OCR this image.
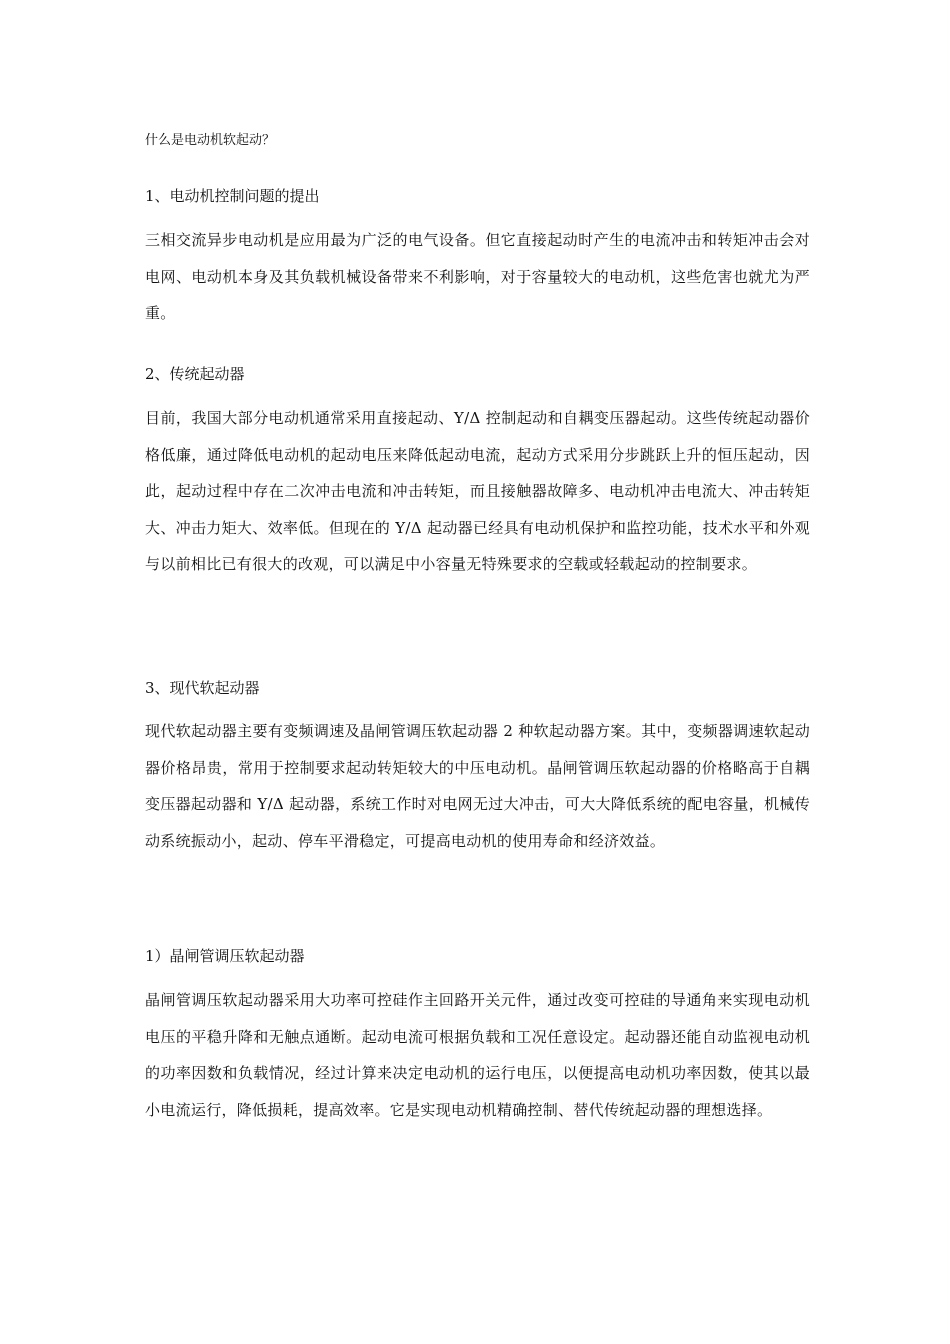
什么是电动机软起动？
1、电动机控制问题的提出

三相交流异步电动机是应用最为广泛的电气设备。但它直接起动时产生的电流冲击和转矩冲击会对电网、电动机本身及其负载机械设备带来不利影响，对于容量较大的电动机，这些危害也就尤为严重。

2、传统起动器

目前，我国大部分电动机通常采用直接起动、Y/Δ 控制起动和自耦变压器起动。这些传统起动器价格低廉，通过降低电动机的起动电压来降低起动电流，起动方式采用分步跳跃上升的恒压起动，因此，起动过程中存在二次冲击电流和冲击转矩，而且接触器故障多、电动机冲击电流大、冲击转矩大、冲击力矩大、效率低。但现在的 Y/Δ 起动器已经具有电动机保护和监控功能，技术水平和外观与以前相比已有很大的改观，可以满足中小容量无特殊要求的空载或轻载起动的控制要求。

3、现代软起动器

现代软起动器主要有变频调速及晶闸管调压软起动器 2 种软起动器方案。其中，变频器调速软起动器价格昂贵，常用于控制要求起动转矩较大的中压电动机。晶闸管调压软起动器的价格略高于自耦变压器起动器和 Y/Δ 起动器，系统工作时对电网无过大冲击，可大大降低系统的配电容量，机械传动系统振动小，起动、停车平滑稳定，可提高电动机的使用寿命和经济效益。

1）晶闸管调压软起动器

晶闸管调压软起动器采用大功率可控硅作主回路开关元件，通过改变可控硅的导通角来实现电动机电压的平稳升降和无触点通断。起动电流可根据负载和工况任意设定。起动器还能自动监视电动机的功率因数和负载情况，经过计算来决定电动机的运行电压，以便提高电动机功率因数，使其以最小电流运行，降低损耗，提高效率。它是实现电动机精确控制、替代传统起动器的理想选择。
